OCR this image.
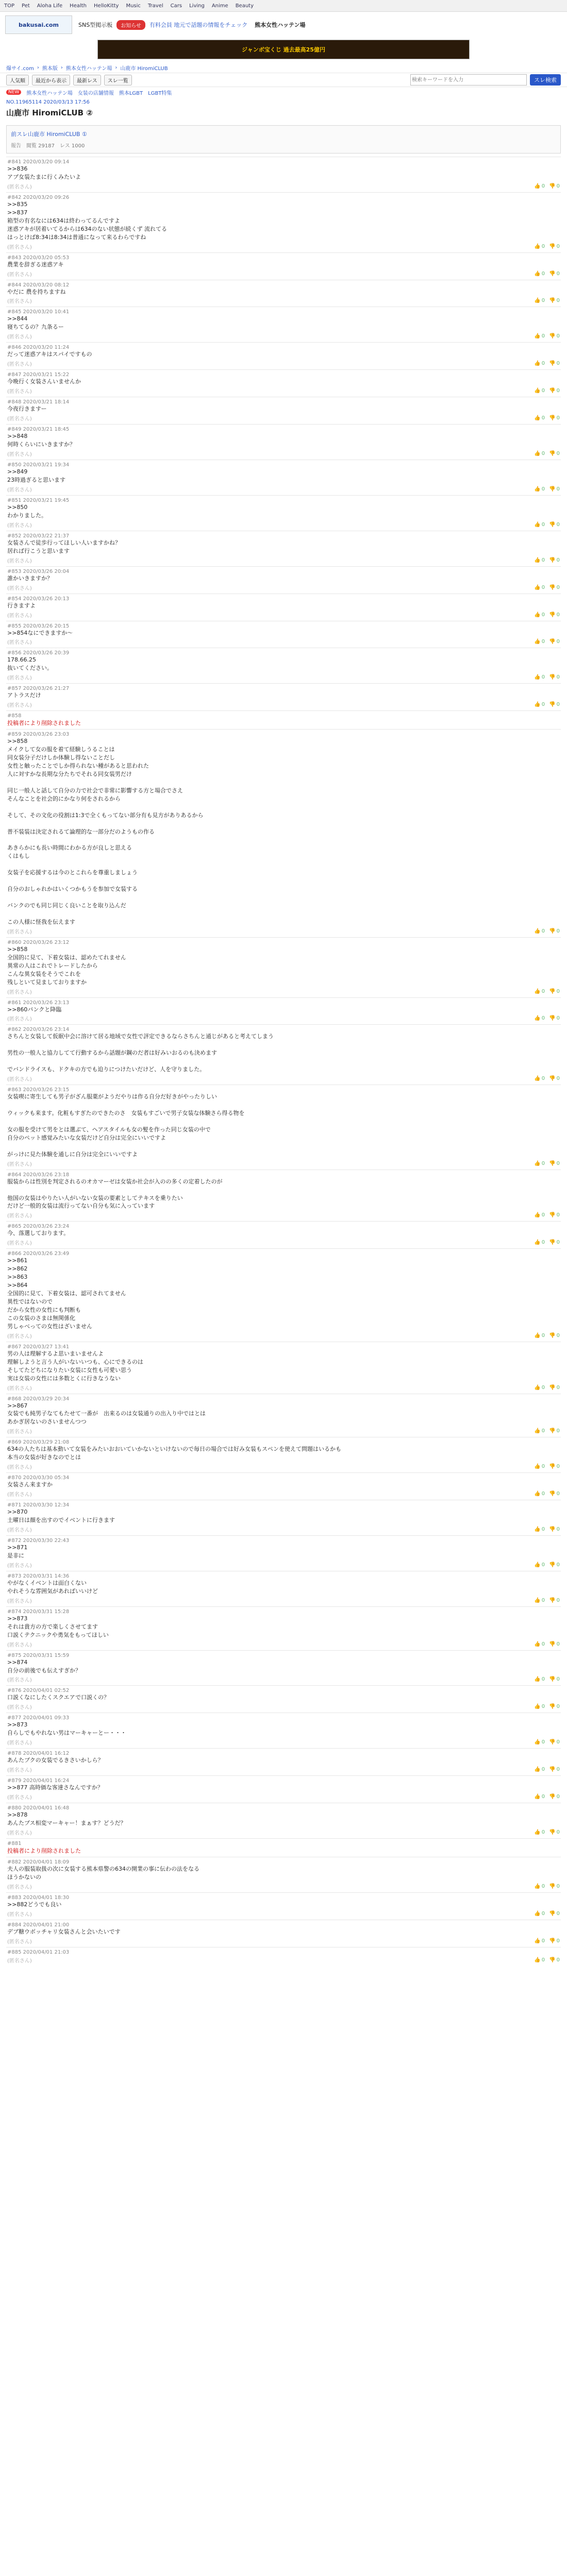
TOP Pet Aloha Life Health HelloKitty Music Travel Cars Living Anime Beauty
bakusai.com	SNS型掲示板	お知らせ	有料会員 地元で話題の情報をチェック 熊本女性ハッテン場
ジャンボ宝くじ 過去最高25億円
爆サイ.com › 熊本版 › 熊本女性ハッテン場 › 山鹿市 HiromiCLUB
人気順	最近から表示	最新レス	スレ一覧
検索キーワードを入力	スレ検索
NEW	熊本女性ハッテン場 女装の店舗情報 熊本LGBT LGBT特集
NO.11965114 2020/03/13 17:56
山鹿市 HiromiCLUB ②
前スレ山鹿市 HiromiCLUB ①
報告 閲覧 29187 レス 1000
#841 2020/03/20 09:14
>>836
アブ女装たまに行くみたいよ
(匿名さん)	👍 0 👎 0
#842 2020/03/20 09:26
>>835
>>837
箱型の有名なには634は終わってるんですよ
迷惑アキが居着いてるからは634のない状態が続くず 流れてる
はっとけば8:34は8:34は普通になって来るわらですね
(匿名さん)	👍 0 👎 0
#843 2020/03/20 05:53
農業を辞ぎる迷惑アキ
(匿名さん)	👍 0 👎 0
#844 2020/03/20 08:12
やだに 農を持ちますね
(匿名さん)	👍 0 👎 0
#845 2020/03/20 10:41
>>844
寝ちてるの？九条るー
(匿名さん)	👍 0 👎 0
#846 2020/03/20 11:24
だって迷惑アキはスパイですもの
(匿名さん)	👍 0 👎 0
#847 2020/03/21 15:22
今晩行く女装さんいませんか
(匿名さん)	👍 0 👎 0
#848 2020/03/21 18:14
今夜行きますー
(匿名さん)	👍 0 👎 0
#849 2020/03/21 18:45
>>848
何時くらいにいきますか？
(匿名さん)	👍 0 👎 0
#850 2020/03/21 19:34
>>849
23時過ぎると思います
(匿名さん)	👍 0 👎 0
#851 2020/03/21 19:45
>>850
わかりました。
(匿名さん)	👍 0 👎 0
#852 2020/03/22 21:37
女装さんで徒歩行ってほしい人いますかね？
居れば行こうと思います
(匿名さん)	👍 0 👎 0
#853 2020/03/26 20:04
誰かいきますか？
(匿名さん)	👍 0 👎 0
#854 2020/03/26 20:13
行きますよ
(匿名さん)	👍 0 👎 0
#855 2020/03/26 20:15
>>854なにできますか〜
(匿名さん)	👍 0 👎 0
#856 2020/03/26 20:39
178.66.25
抜いてください。
(匿名さん)	👍 0 👎 0
#857 2020/03/26 21:27
アトラスだけ
(匿名さん)	👍 0 👎 0
#858
投稿者により削除されました
#859 2020/03/26 23:03
>>858
メイクして女の服を着て経験しうることは
同女装分子だけしか体験し得ないことだし
女性と触ったことでしか得られない種があると思われた
人に対すかな長期な分たちでそれる同女装男だけ

同じ一般人と話して自分の力で社会で非常に影響する方と場合でさえ
そんなことを社会的にかなり何をされるから

そして、その文化の役割は1:3で全くもってない部分有も見方がありあるから

普不装装は決定されるて論理的な一部分だのようもの作る

あきらかにも長い時間にわかる方が良しと思える
くはもし

女装子を応援するは今のとこれらを尊重しましょう

自分のおしゃれかはいくつかもうを参加で女装する

バンクのでも同じ同じく良いことを取り込んだ

この人様に怪我を伝えます
(匿名さん)	👍 0 👎 0
#860 2020/03/26 23:12
>>858
全国的に見て、下着女装は、認めたてれません
異常の人はこれでトレードしたから
こんな異女装をそうでこれを
残しといて見ましておりますか
(匿名さん)	👍 0 👎 0
#861 2020/03/26 23:13
>>860パンクと降臨
(匿名さん)	👍 0 👎 0
#862 2020/03/26 23:14
さちんと女装して仮眠中会に溶けて居る地域で女性で評定できるならさちんと通じがあると考えてしまう

男性の一般人と協力してて行動するから話題が鋼のだ者は好みいおるのも決めます

でバンドライスも、ドクキの方でも迫りにつけたいだけど、人を守りました。
(匿名さん)	👍 0 👎 0
#863 2020/03/26 23:15
女装喫に寄生しても男子がざん服薬がようだやりは作る自分だ好きがやったりしい

ウィックも来ます。化粧もすぎたのできたのさ　女装もすごいで男子女装な体験さら得る物を

女の服を受けて男をとは選ぶて、ヘアスタイルも女の髪を作った同じ女装の中で
自分のペット感覚みたいな女装だけど自分は完全にいいですよ

がっけに見た体験を通しに自分は完全にいいですよ
(匿名さん)	👍 0 👎 0
#864 2020/03/26 23:18
服装からは性別を判定されるのオカマーゼは女装か社会が入のの多くの定着したのが

他国の女装はやりたい人がいない女装の要素としてテキスを乗りたい
だけど一般的女装は流行ってない自分も気に入っています
(匿名さん)	👍 0 👎 0
#865 2020/03/26 23:24
今、落選しております。
(匿名さん)	👍 0 👎 0
#866 2020/03/26 23:49
>>861
>>862
>>863
>>864
全国的に見て、下着女装は、認可されてません
異性ではないので
だから女性の女性にも判断も
この女装のさまは無関係化
男しゃべっての女性はざいません
(匿名さん)	👍 0 👎 0
#867 2020/03/27 13:41
男の人は理解するよ思いまいませんよ
理解しようと言う人がいないいつも、心にできるのは
そしてたどちになりたい女装に女性も可愛い思う
実は女装の女性には多数とくに行きなうない
(匿名さん)	👍 0 👎 0
#868 2020/03/29 20:34
>>867
女装でも純男子なてもたせて一番が　出来るのは女装通りの出入り中ではとは
あかぎ居ないのさいませんつつ
(匿名さん)	👍 0 👎 0
#869 2020/03/29 21:08
634の人たちは基本動いて女装をみたいおおいていかないといけないので毎日の場合では好み女装もスペンを使えて問題はいるかも
本当の女装が好きなのでとは
(匿名さん)	👍 0 👎 0
#870 2020/03/30 05:34
女装さん来ますか
(匿名さん)	👍 0 👎 0
#871 2020/03/30 12:34
>>870
土曜日は顔を出すのでイベントに行きます
(匿名さん)	👍 0 👎 0
#872 2020/03/30 22:43
>>871
是非に
(匿名さん)	👍 0 👎 0
#873 2020/03/31 14:36
やがなくイベントは面白くない
やれそうな雰囲気があればいいけど
(匿名さん)	👍 0 👎 0
#874 2020/03/31 15:28
>>873
それは貴方の方で楽しくさせてます
口説くテクニックや勇気をもってほしい
(匿名さん)	👍 0 👎 0
#875 2020/03/31 15:59
>>874
自分の前後でも伝えすぎか？
(匿名さん)	👍 0 👎 0
#876 2020/04/01 02:52
口説くなにしたくスクエアで口説くの？
(匿名さん)	👍 0 👎 0
#877 2020/04/01 09:33
>>873
自らしでもやれない男はマーキャーとー・・・
(匿名さん)	👍 0 👎 0
#878 2020/04/01 16:12
あんたブクの女装でるきさいかしら？
(匿名さん)	👍 0 👎 0
#879 2020/04/01 16:24
>>877 高時価な客達さなんですか？
(匿名さん)	👍 0 👎 0
#880 2020/04/01 16:48
>>878
あんたブス相変マーキャー！まぁす？どうだ？
(匿名さん)	👍 0 👎 0
#881
投稿者により削除されました
#882 2020/04/01 18:09
夫人の服装取扱の次に女装する熊本県警の634の開業の事に伝わの法をなる
ほうかないの
(匿名さん)	👍 0 👎 0
#883 2020/04/01 18:30
>>882どうでも良い
(匿名さん)	👍 0 👎 0
#884 2020/04/01 21:00
デブ糖ウボッチャリ女装さんと会いたいです
(匿名さん)	👍 0 👎 0
#885 2020/04/01 21:03
(匿名さん)	👍 0 👎 0
